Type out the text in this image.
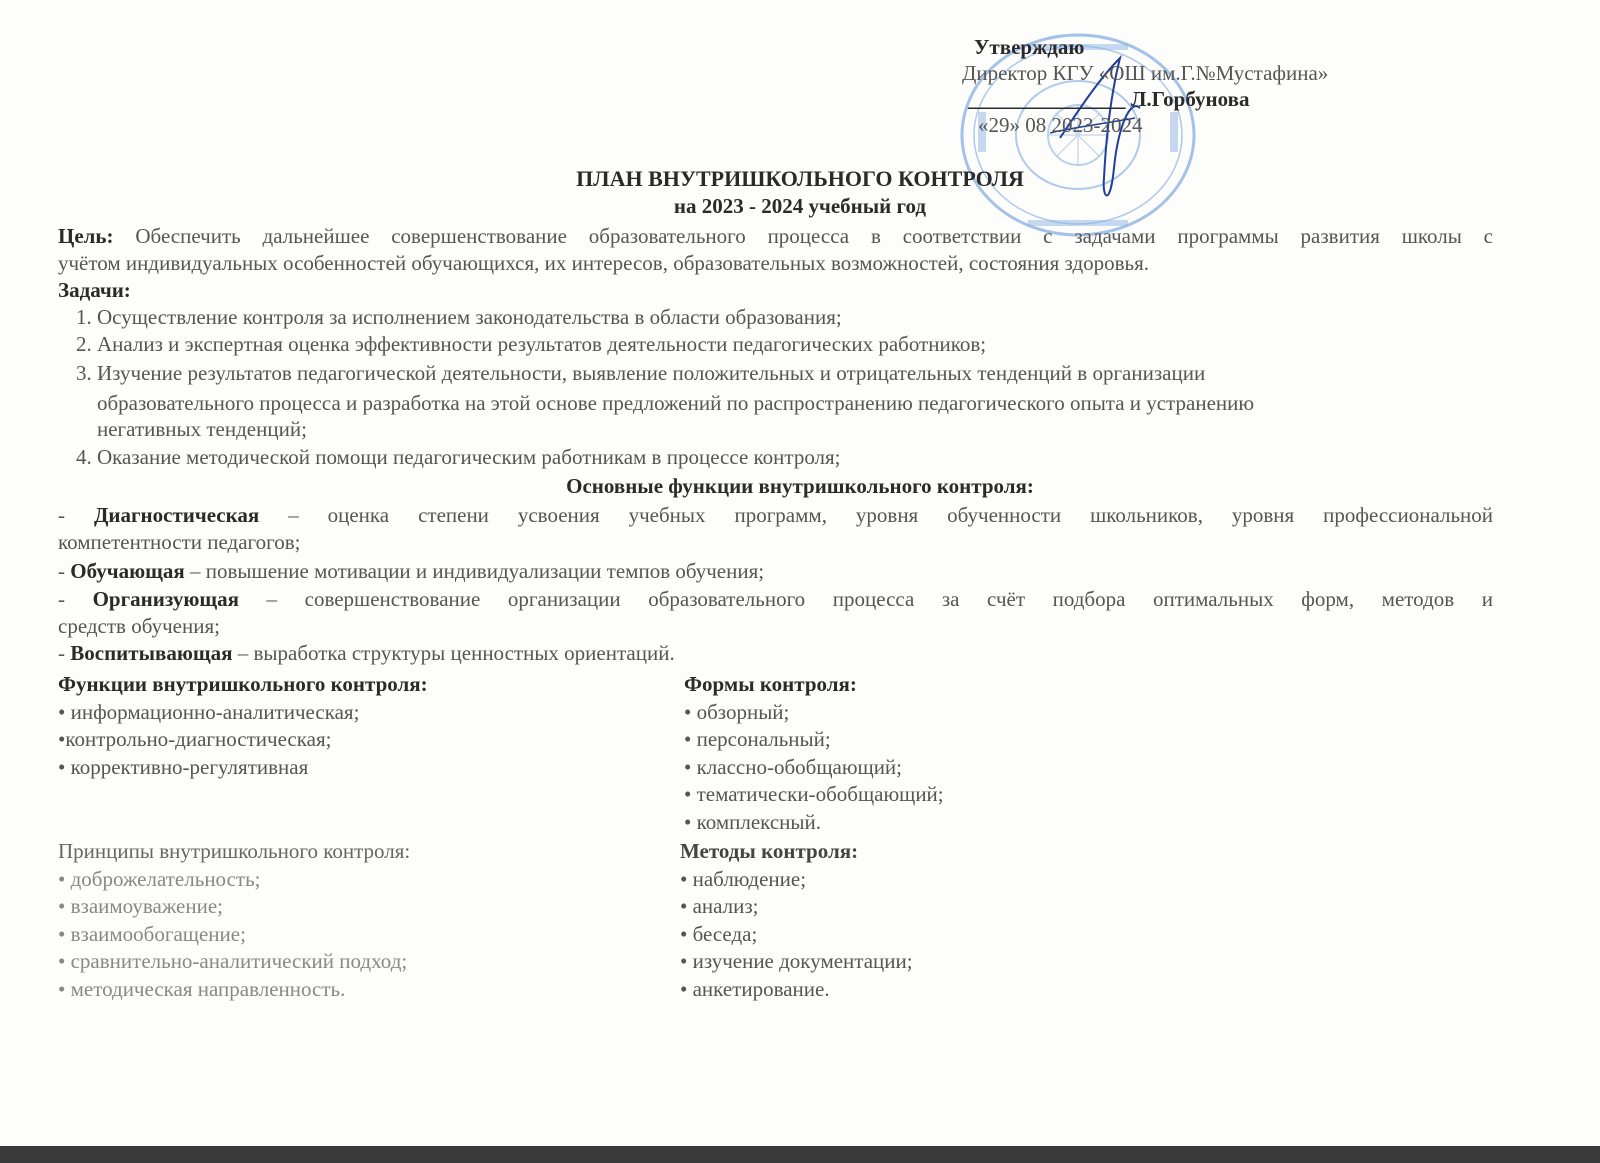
Утверждаю
Директор КГУ «ОШ им.Г.№Мустафина»
_______________ Л.Горбунова
«29» 08 2023-2024
ПЛАН ВНУТРИШКОЛЬНОГО КОНТРОЛЯ
на 2023 - 2024 учебный год
Цель: Обеспечить дальнейшее совершенствование образовательного процесса в соответствии с задачами программы развития школы с
учётом индивидуальных особенностей обучающихся, их интересов, образовательных возможностей, состояния здоровья.
Задачи:
1. Осуществление контроля за исполнением законодательства в области образования;
2. Анализ и экспертная оценка эффективности результатов деятельности педагогических работников;
3. Изучение результатов педагогической деятельности, выявление положительных и отрицательных тенденций в организации
образовательного процесса и разработка на этой основе предложений по распространению педагогического опыта и устранению
негативных тенденций;
4. Оказание методической помощи педагогическим работникам в процессе контроля;
Основные функции внутришкольного контроля:
- Диагностическая – оценка степени усвоения учебных программ, уровня обученности школьников, уровня профессиональной
компетентности педагогов;
- Обучающая – повышение мотивации и индивидуализации темпов обучения;
- Организующая – совершенствование организации образовательного процесса за счёт подбора оптимальных форм, методов и
средств обучения;
- Воспитывающая – выработка структуры ценностных ориентаций.
Функции внутришкольного контроля:
• информационно-аналитическая;
•контрольно-диагностическая;
• коррективно-регулятивная
Формы контроля:
• обзорный;
• персональный;
• классно-обобщающий;
• тематически-обобщающий;
• комплексный.
Принципы внутришкольного контроля:
• доброжелательность;
• взаимоуважение;
• взаимообогащение;
• сравнительно-аналитический подход;
• методическая направленность.
Методы контроля:
• наблюдение;
• анализ;
• беседа;
• изучение документации;
• анкетирование.
